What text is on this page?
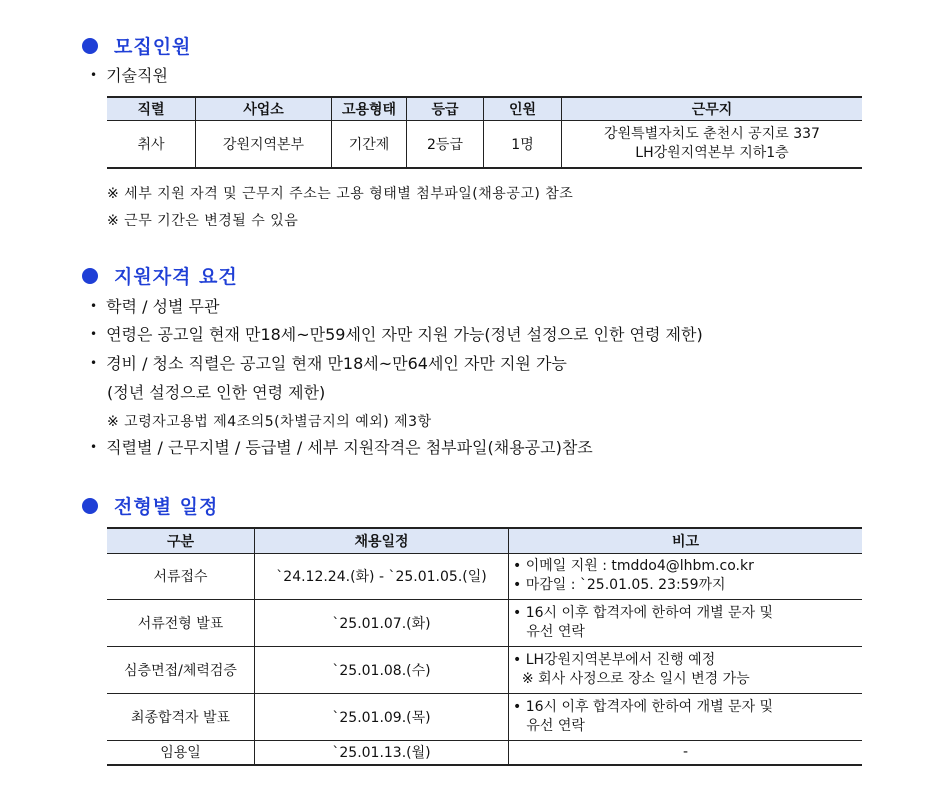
모집인원
• 기술직원
직렬	사업소	고용형태	등급	인원	근무지
취사	강원지역본부	기간제	2등급	1명	강원특별자치도 춘천시 공지로 337
LH강원지역본부 지하1층
※ 세부 지원 자격 및 근무지 주소는 고용 형태별 첨부파일(채용공고) 참조
※ 근무 기간은 변경될 수 있음
지원자격 요건
• 학력 / 성별 무관
• 연령은 공고일 현재 만18세~만59세인 자만 지원 가능(정년 설정으로 인한 연령 제한)
• 경비 / 청소 직렬은 공고일 현재 만18세~만64세인 자만 지원 가능
(정년 설정으로 인한 연령 제한)
※ 고령자고용법 제4조의5(차별금지의 예외) 제3항
• 직렬별 / 근무지별 / 등급별 / 세부 지원작격은 첨부파일(채용공고)참조
전형별 일정
구분	채용일정	비고
서류접수	`24.12.24.(화) - `25.01.05.(일)	• 이메일 지원 : tmddo4@lhbm.co.kr
• 마감일 : `25.01.05. 23:59까지

서류전형 발표	`25.01.07.(화)	• 16시 이후 합격자에 한하여 개별 문자 및
유선 연락

심층면접/체력검증	`25.01.08.(수)	• LH강원지역본부에서 진행 예정
※ 회사 사정으로 장소 일시 변경 가능

최종합격자 발표	`25.01.09.(목)	• 16시 이후 합격자에 한하여 개별 문자 및
유선 연락

임용일	`25.01.13.(월)	-
